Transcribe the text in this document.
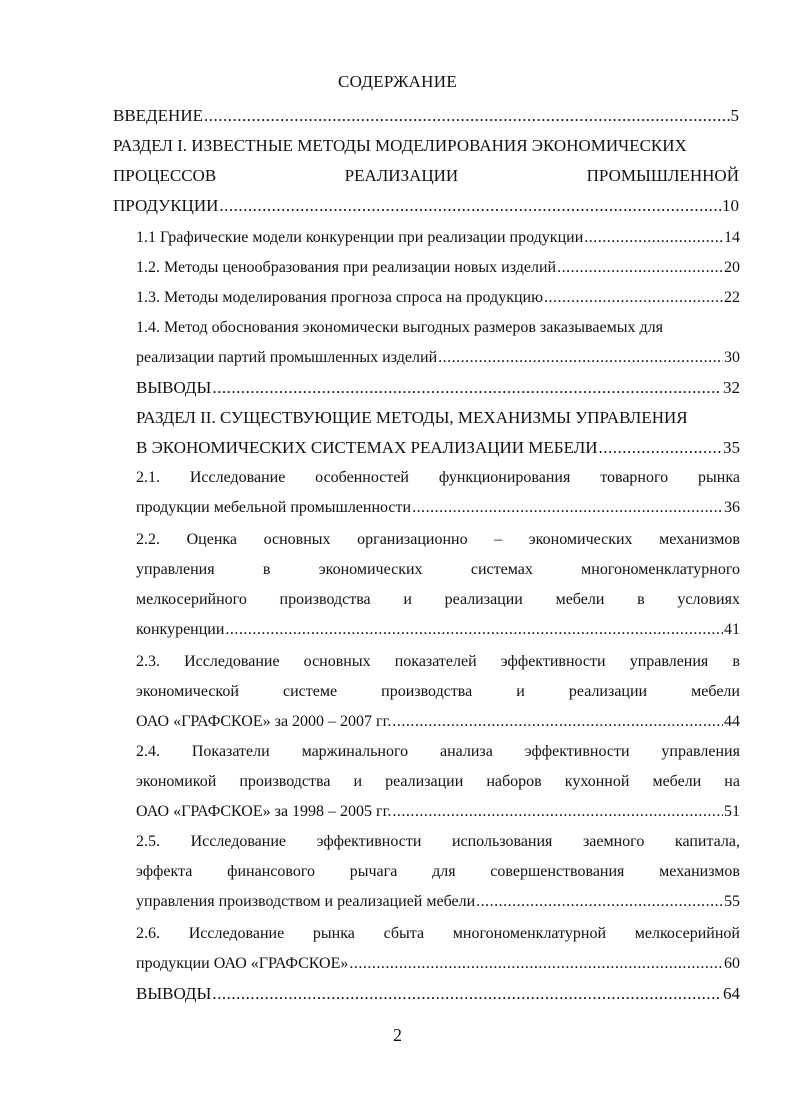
СОДЕРЖАНИЕ
ВВЕДЕНИЕ .....	5
РАЗДЕЛ I. ИЗВЕСТНЫЕ МЕТОДЫ МОДЕЛИРОВАНИЯ ЭКОНОМИЧЕСКИХ
ПРОЦЕССОВ	РЕАЛИЗАЦИИ	ПРОМЫШЛЕННОЙ
ПРОДУКЦИИ .....	10
1.1 Графические модели конкуренции при реализации продукции .....	14
1.2. Методы ценообразования при реализации новых изделий .....	20
1.3. Методы моделирования прогноза спроса на продукцию .....	22
1.4. Метод обоснования экономически выгодных размеров заказываемых для
реализации партий промышленных изделий .....	30
ВЫВОДЫ .....	32
РАЗДЕЛ II. СУЩЕСТВУЮЩИЕ МЕТОДЫ, МЕХАНИЗМЫ УПРАВЛЕНИЯ
В ЭКОНОМИЧЕСКИХ СИСТЕМАХ РЕАЛИЗАЦИИ МЕБЕЛИ .....	35
2.1. Исследование особенностей функционирования товарного рынка
продукции мебельной промышленности .....	36
2.2. Оценка основных организационно – экономических механизмов
управления	в	экономических	системах	многономенклатурного
мелкосерийного производства и реализации мебели в условиях
конкуренции .....	41
2.3. Исследование основных показателей эффективности управления в
экономической	системе	производства	и	реализации	мебели
ОАО «ГРАФСКОЕ» за 2000 – 2007 гг. .....	44
2.4. Показатели маржинального анализа эффективности управления
экономикой производства и реализации наборов кухонной мебели на
ОАО «ГРАФСКОЕ» за 1998 – 2005 гг. .....	51
2.5. Исследование эффективности использования заемного капитала,
эффекта финансового рычага для совершенствования механизмов
управления производством и реализацией мебели .....	55
2.6. Исследование рынка сбыта многономенклатурной мелкосерийной
продукции ОАО «ГРАФСКОЕ» .....	60
ВЫВОДЫ .....	64
2
